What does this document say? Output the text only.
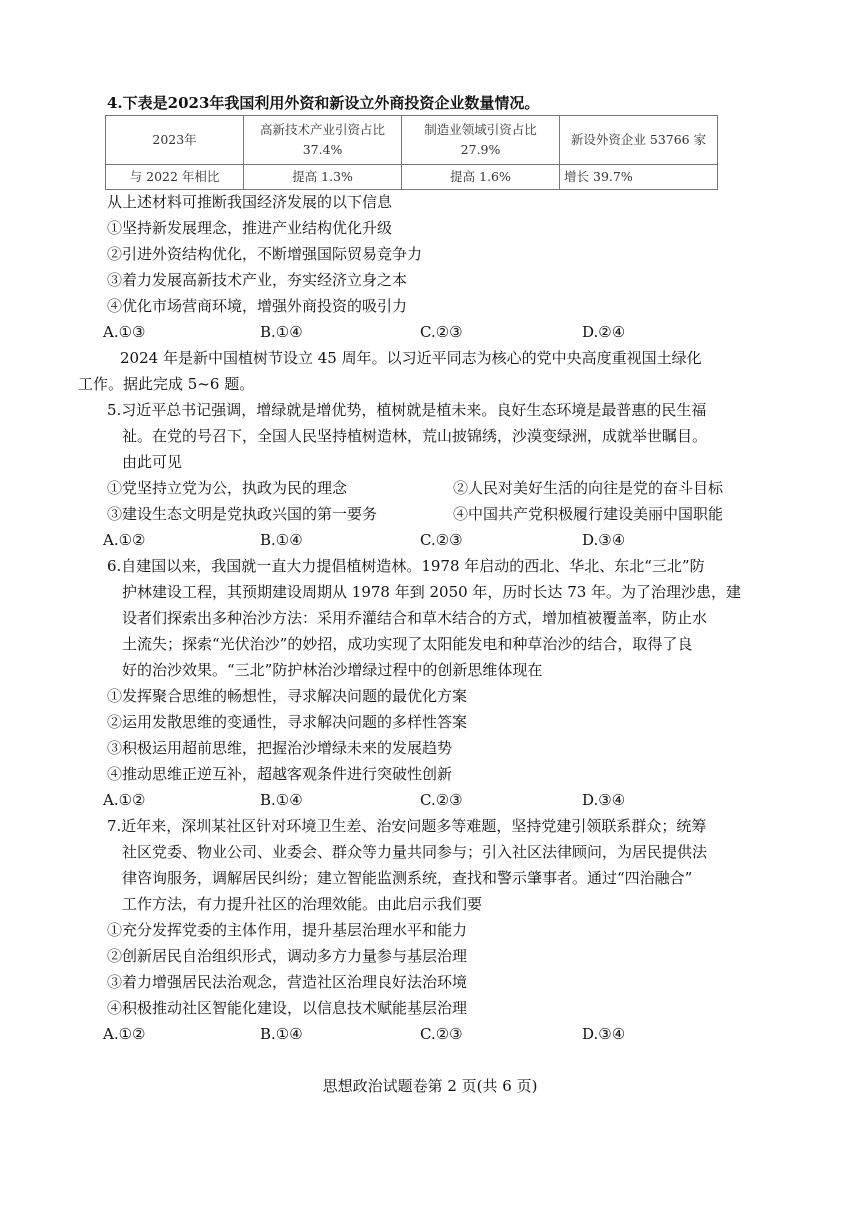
4.下表是2023年我国利用外资和新设立外商投资企业数量情况。
2023年	高新技术产业引资占比 37.4%	制造业领域引资占比 27.9%	新设外资企业 53766 家
与 2022 年相比	提高 1.3%	提高 1.6%	增长 39.7%
从上述材料可推断我国经济发展的以下信息
①坚持新发展理念，推进产业结构优化升级
②引进外资结构优化，不断增强国际贸易竞争力
③着力发展高新技术产业，夯实经济立身之本
④优化市场营商环境，增强外商投资的吸引力
A.①③	B.①④	C.②③	D.②④
2024 年是新中国植树节设立 45 周年。以习近平同志为核心的党中央高度重视国土绿化
工作。据此完成 5~6 题。
5.习近平总书记强调，增绿就是增优势，植树就是植未来。良好生态环境是最普惠的民生福
祉。在党的号召下，全国人民坚持植树造林，荒山披锦绣，沙漠变绿洲，成就举世瞩目。
由此可见
①党坚持立党为公，执政为民的理念	②人民对美好生活的向往是党的奋斗目标
③建设生态文明是党执政兴国的第一要务	④中国共产党积极履行建设美丽中国职能
A.①②	B.①④	C.②③	D.③④
6.自建国以来，我国就一直大力提倡植树造林。1978 年启动的西北、华北、东北“三北”防
护林建设工程，其预期建设周期从 1978 年到 2050 年，历时长达 73 年。为了治理沙患，建
设者们探索出多种治沙方法：采用乔灌结合和草木结合的方式，增加植被覆盖率，防止水
土流失；探索“光伏治沙”的妙招，成功实现了太阳能发电和种草治沙的结合，取得了良
好的治沙效果。“三北”防护林治沙增绿过程中的创新思维体现在
①发挥聚合思维的畅想性，寻求解决问题的最优化方案
②运用发散思维的变通性，寻求解决问题的多样性答案
③积极运用超前思维，把握治沙增绿未来的发展趋势
④推动思维正逆互补，超越客观条件进行突破性创新
A.①②	B.①④	C.②③	D.③④
7.近年来，深圳某社区针对环境卫生差、治安问题多等难题，坚持党建引领联系群众；统筹
社区党委、物业公司、业委会、群众等力量共同参与；引入社区法律顾问，为居民提供法
律咨询服务，调解居民纠纷；建立智能监测系统，查找和警示肇事者。通过“四治融合”
工作方法，有力提升社区的治理效能。由此启示我们要
①充分发挥党委的主体作用，提升基层治理水平和能力
②创新居民自治组织形式，调动多方力量参与基层治理
③着力增强居民法治观念，营造社区治理良好法治环境
④积极推动社区智能化建设，以信息技术赋能基层治理
A.①②	B.①④	C.②③	D.③④
思想政治试题卷第 2 页(共 6 页)
